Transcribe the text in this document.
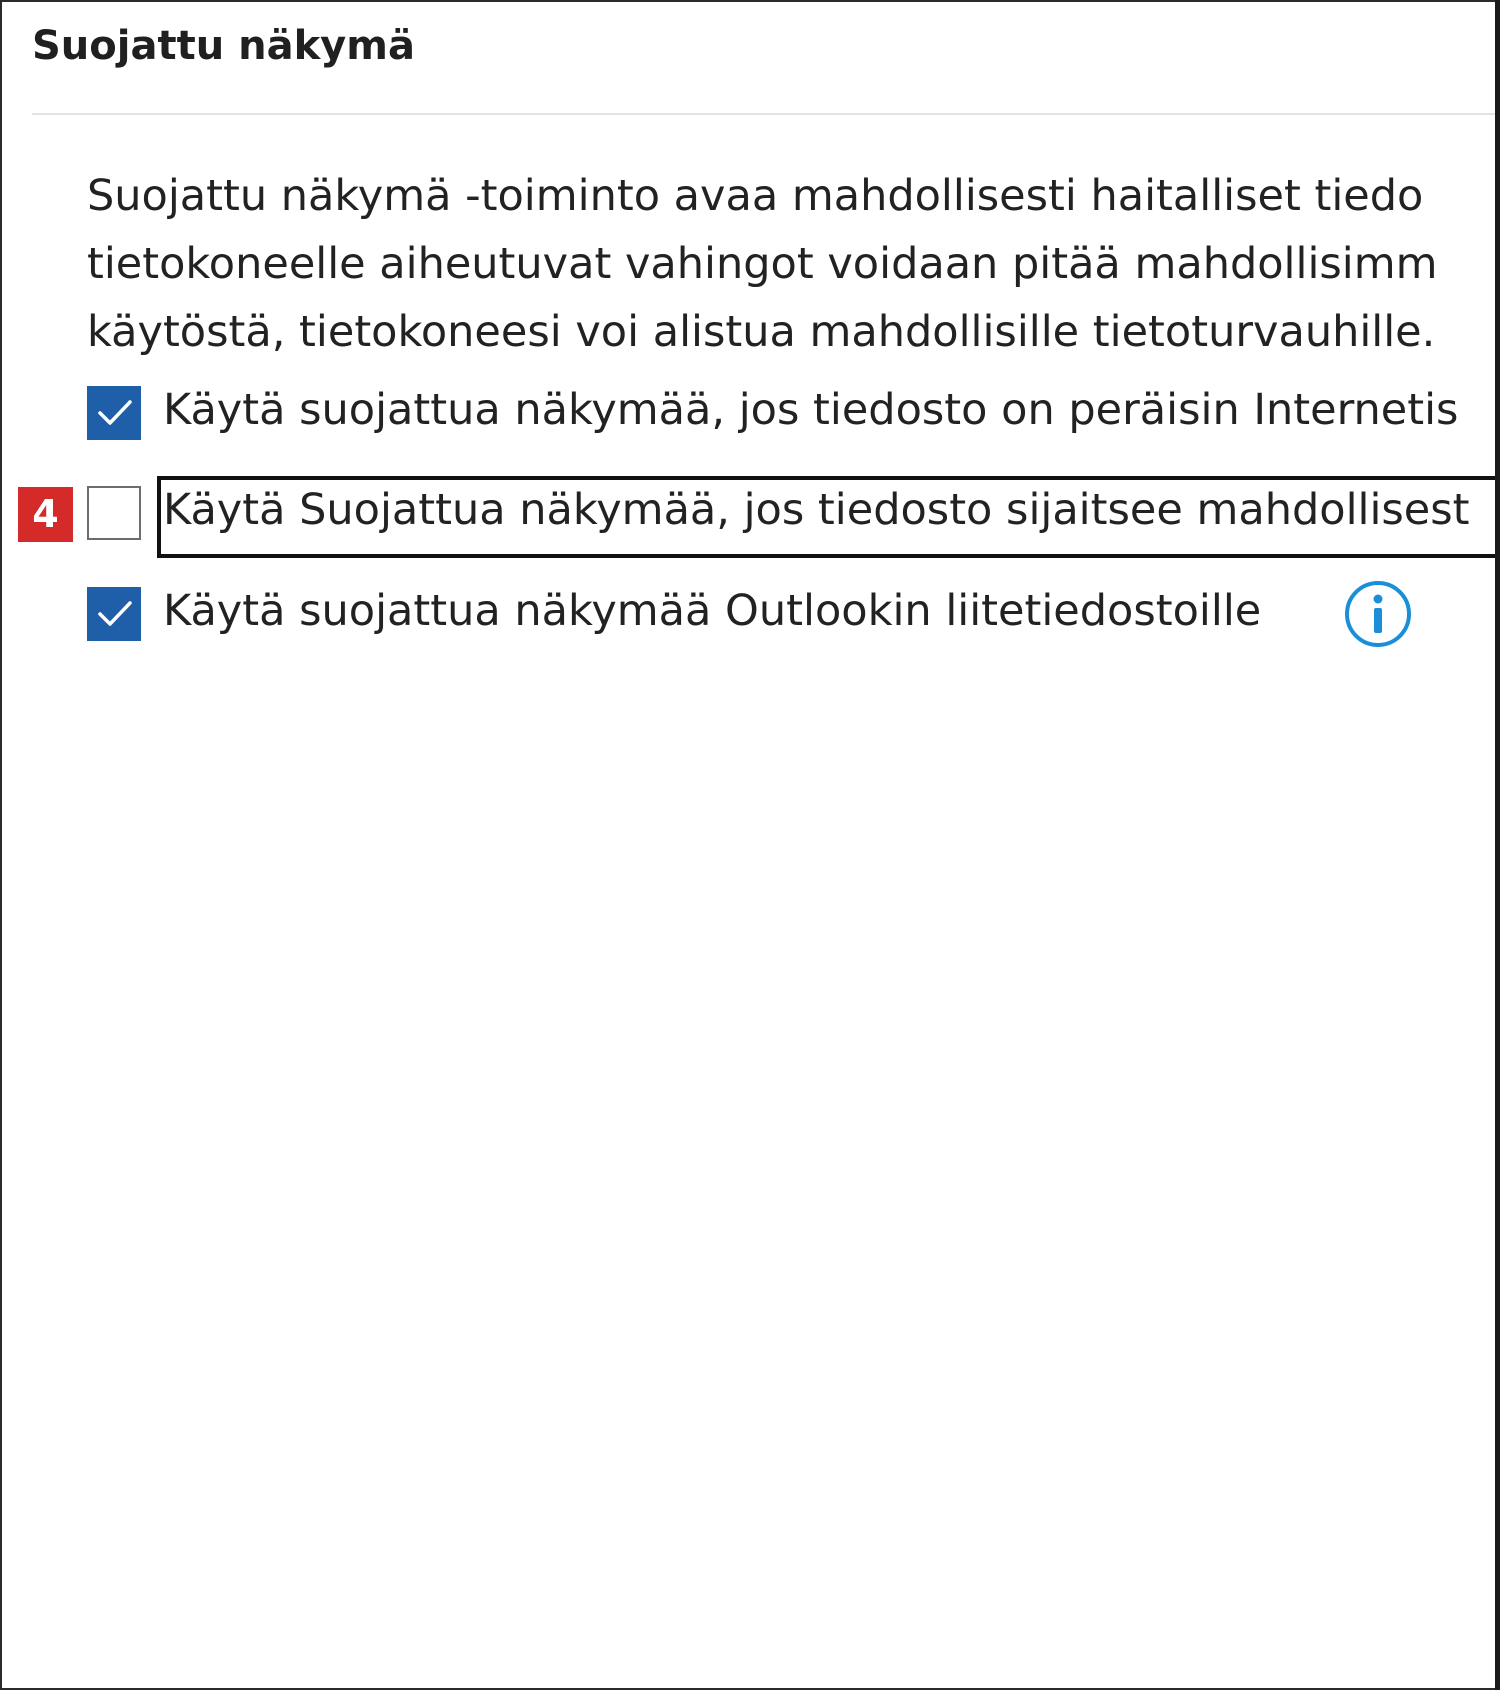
Suojattu näkymä
Suojattu näkymä -toiminto avaa mahdollisesti haitalliset tiedo
tietokoneelle aiheutuvat vahingot voidaan pitää mahdollisimm
käytöstä, tietokoneesi voi alistua mahdollisille tietoturvauhille.
Käytä suojattua näkymää, jos tiedosto on peräisin Internetis
4	Käytä Suojattua näkymää, jos tiedosto sijaitsee mahdollisest
Käytä suojattua näkymää Outlookin liitetiedostoille
